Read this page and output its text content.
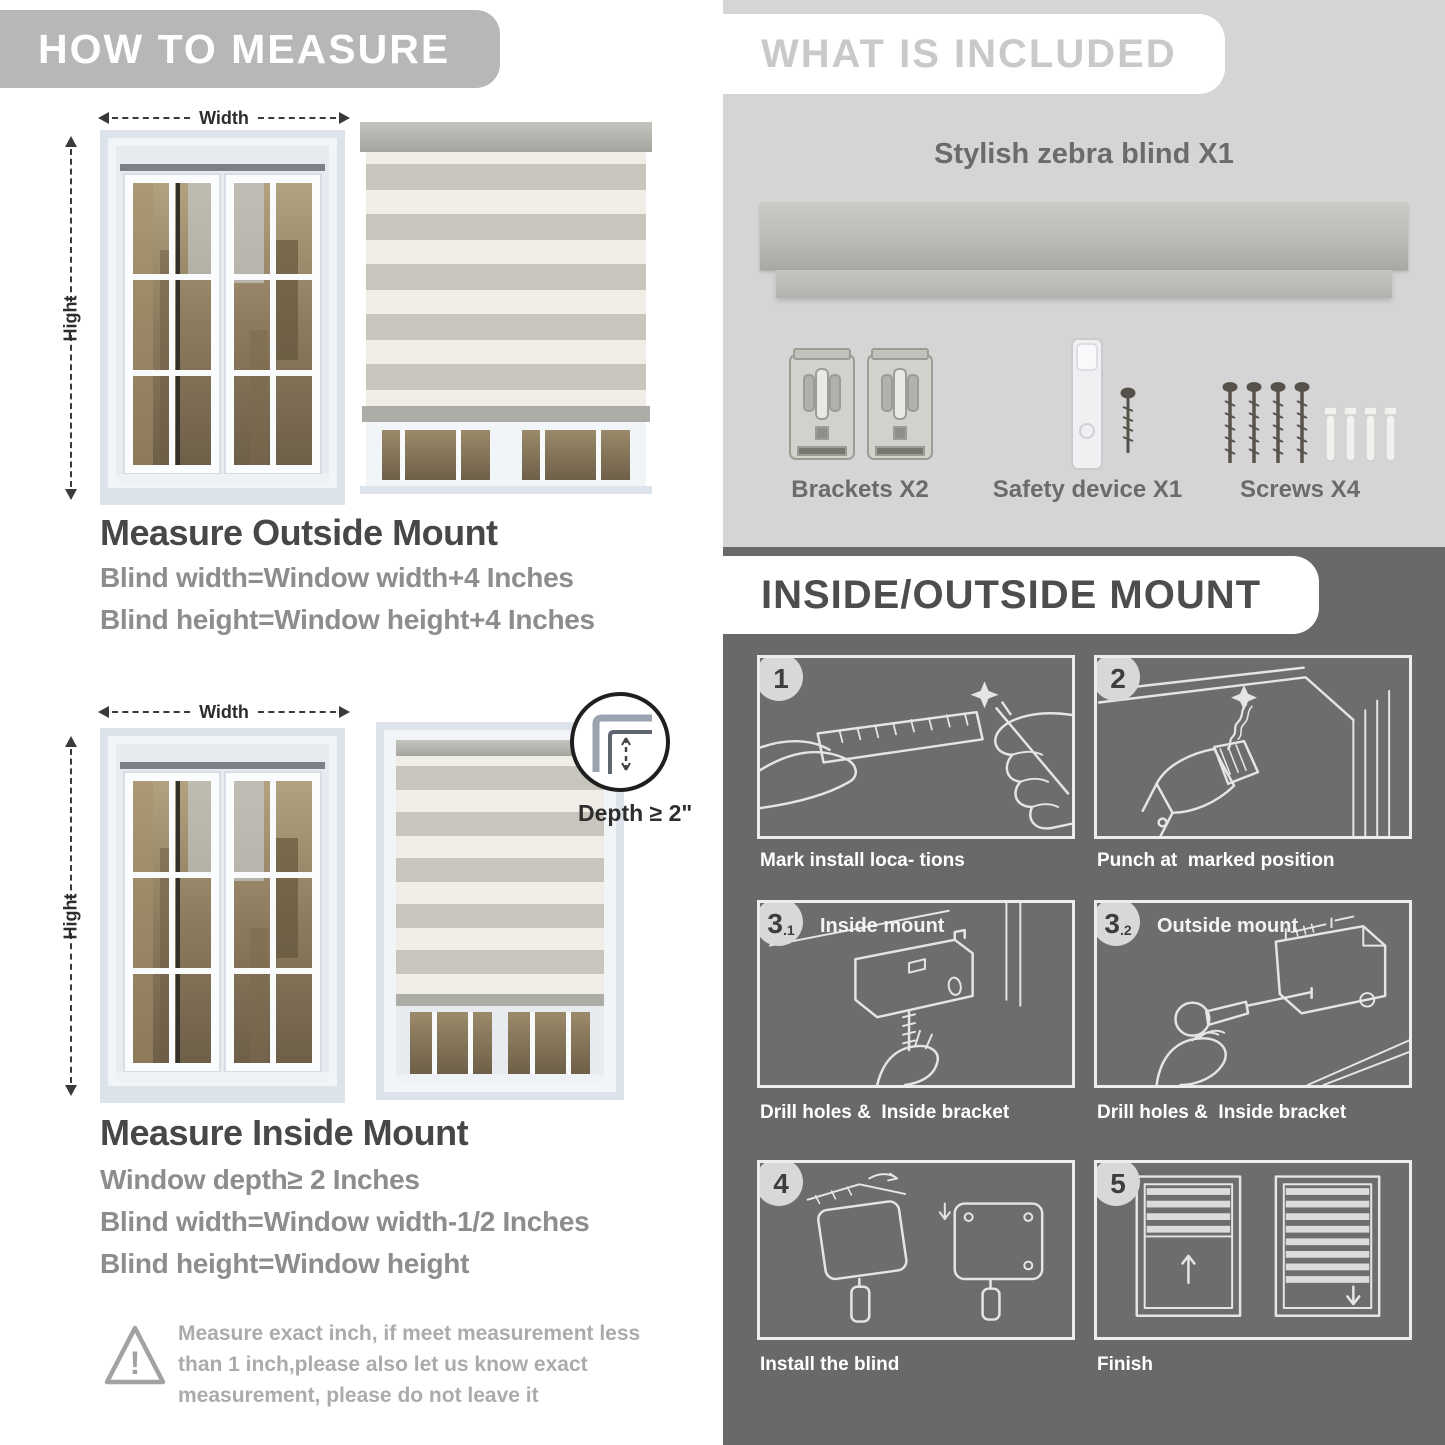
HOW TO MEASURE
Width
Hight
Measure Outside Mount
Blind width=Window width+4 Inches
Blind height=Window height+4 Inches
Width
Hight
Depth ≥ 2"
Measure Inside Mount
Window depth≥ 2 Inches
Blind width=Window width-1/2 Inches
Blind height=Window height
!
Measure exact inch, if meet measurement less than 1 inch,please also let us know exact measurement, please do not leave it
WHAT IS INCLUDED
Stylish zebra blind X1
Brackets X2	Safety device X1	Screws X4
INSIDE/OUTSIDE MOUNT
1
Mark install loca- tions
2
Punch at  marked position
3 .1 Inside mount
Drill holes &  Inside bracket
3 .2 Outside mount
Drill holes &  Inside bracket
4
Install the blind
5
Finish
